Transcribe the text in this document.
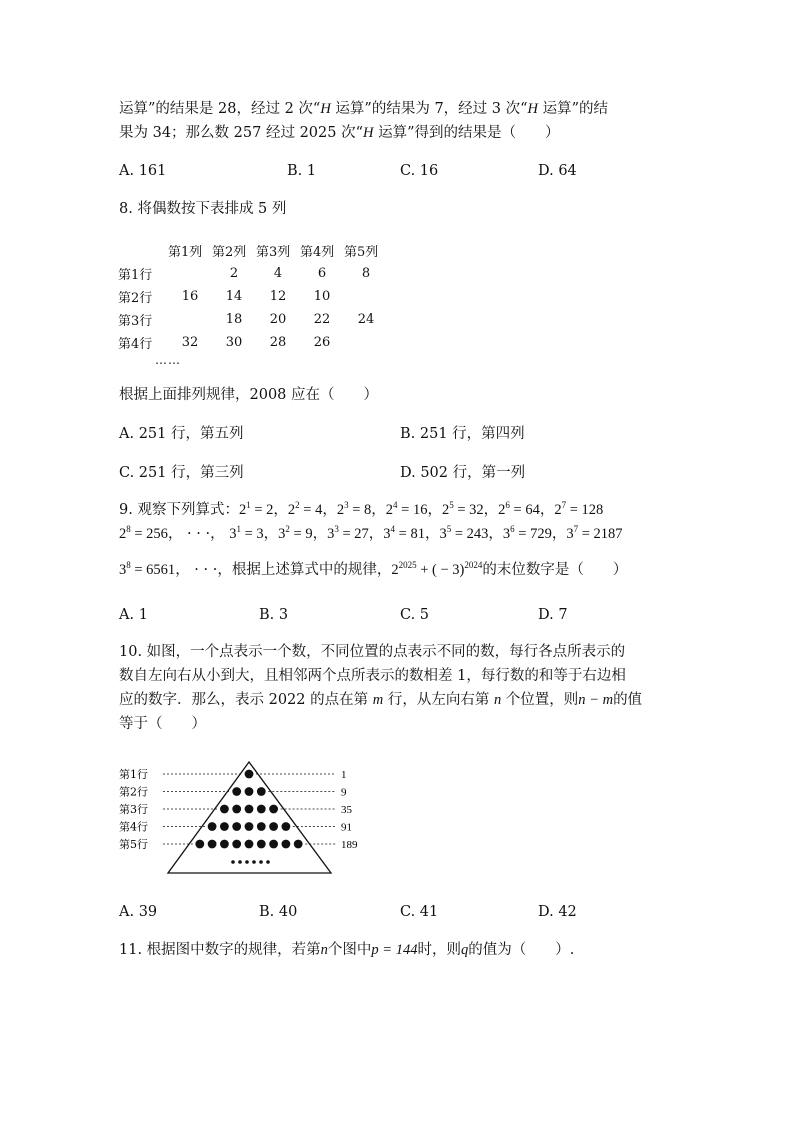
运算”的结果是 28，经过 2 次“H 运算”的结果为 7，经过 3 次“H 运算”的结
果为 34；那么数 257 经过 2025 次“H 运算”得到的结果是（　　）
A. 161	B. 1	C. 16	D. 64
8. 将偶数按下表排成 5 列
	第1列	第2列	第3列	第4列	第5列
第1行		2	4	6	8
第2行	16	14	12	10	
第3行		18	20	22	24
第4行	32	30	28	26	
……
根据上面排列规律，2008 应在（　　）
A. 251 行，第五列	B. 251 行，第四列
C. 251 行，第三列	D. 502 行，第一列
9. 观察下列算式：$2^1 = 2$，$2^2 = 4$，$2^3 = 8$，$2^4 = 16$，$2^5 = 32$，$2^6 = 64$，$2^7 = 128$
$2^8 = 256$， · · ·， $3^1 = 3$，$3^2 = 9$，$3^3 = 27$，$3^4 = 81$，$3^5 = 243$，$3^6 = 729$，$3^7 = 2187$
$3^8 = 6561$， · · ·，根据上述算式中的规律，$2^{2025}$ + ( − 3)$^{2024}$的末位数字是（　　）
A. 1	B. 3	C. 5	D. 7
10. 如图，一个点表示一个数，不同位置的点表示不同的数，每行各点所表示的
数自左向右从小到大，且相邻两个点所表示的数相差 1，每行数的和等于右边相
应的数字．那么，表示 2022 的点在第 m 行，从左向右第 n 个位置，则n − m的值
等于（　　）
第1行	1
第2行	9
第3行	35
第4行	91
第5行	189
A. 39	B. 40	C. 41	D. 42
11. 根据图中数字的规律，若第n个图中p = 144时，则q的值为（　　）.
